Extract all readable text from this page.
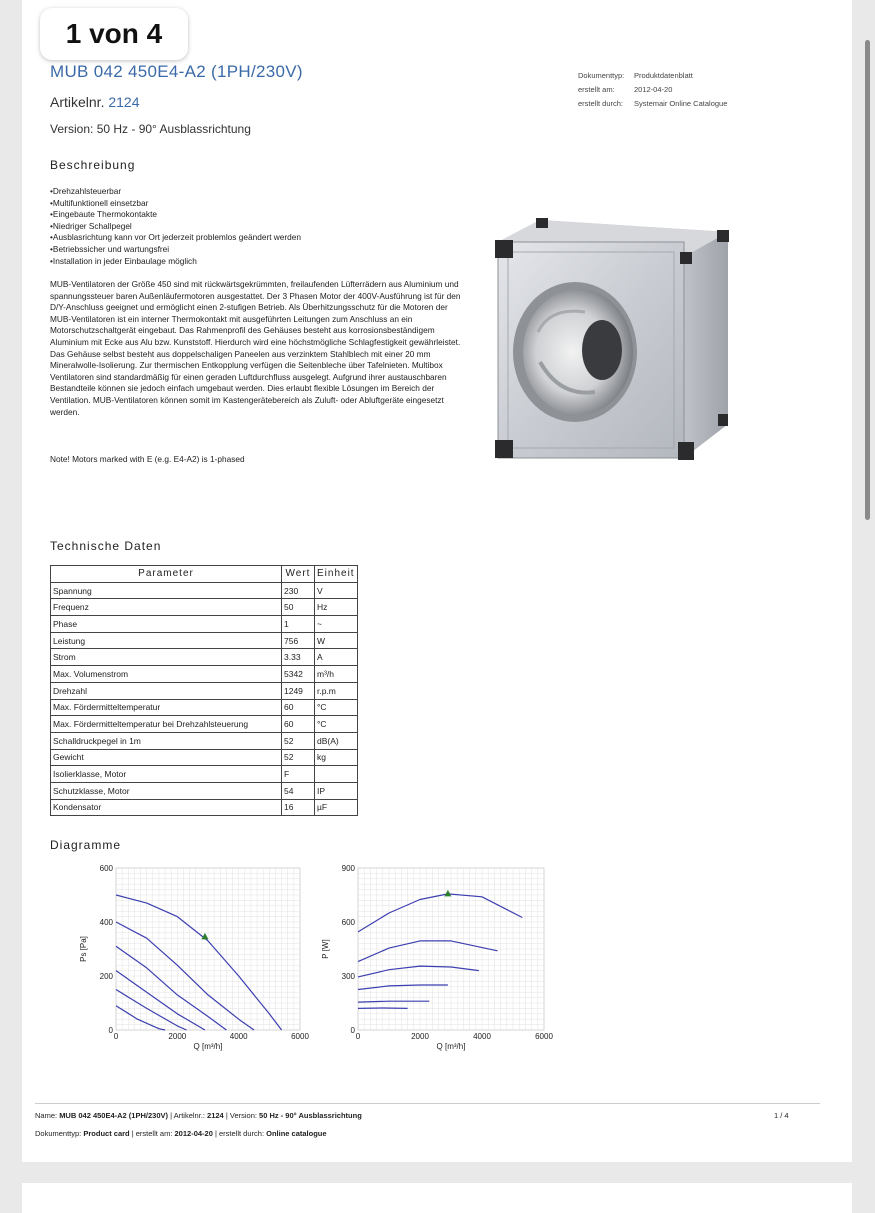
1 von 4
MUB 042 450E4-A2 (1PH/230V)
Artikelnr. 2124
Version: 50 Hz - 90° Ausblassrichtung
Dokumenttyp: Produktdatenblatt
erstellt am:	2012-04-20
erstellt durch: Systemair Online Catalogue
Beschreibung
• Drehzahlsteuerbar
• Multifunktionell einsetzbar
• Eingebaute Thermokontakte
• Niedriger Schallpegel
• Ausblasrichtung kann vor Ort jederzeit problemlos geändert werden
• Betriebssicher und wartungsfrei
• Installation in jeder Einbaulage möglich

MUB-Ventilatoren der Größe 450 sind mit rückwärtsgekrümmten, freilaufenden Lüfterrädern aus Aluminium und spannungssteuer baren Außenläufermotoren ausgestattet. Der 3 Phasen Motor der 400V-Ausführung ist für den D/Y-Anschluss geeignet und ermöglicht einen 2-stufigen Betrieb. Als Überhitzungsschutz für die Motoren der MUB-Ventilatoren ist ein interner Thermokontakt mit ausgeführten Leitungen zum Anschluss an ein Motorschutzschaltgerät eingebaut. Das Rahmenprofil des Gehäuses besteht aus korrosionsbeständigem Aluminium mit Ecke aus Alu bzw. Kunststoff. Hierdurch wird eine höchstmögliche Schlagfestigkeit gewährleistet. Das Gehäuse selbst besteht aus doppelschaligen Paneelen aus verzinktem Stahlblech mit einer 20 mm Mineralwolle-Isolierung. Zur thermischen Entkopplung verfügen die Seitenbleche über Tafelnieten. Multibox Ventilatoren sind standardmäßig für einen geraden Luftdurchfluss ausgelegt. Aufgrund ihrer austauschbaren Bestandteile können sie jedoch einfach umgebaut werden. Dies erlaubt flexible Lösungen im Bereich der Ventilation. MUB-Ventilatoren können somit im Kastengerätebereich als Zuluft- oder Abluftgeräte eingesetzt werden.

Note! Motors marked with E (e.g. E4-A2) is 1-phased
Technische Daten
Parameter	Wert	Einheit
Spannung	230	V
Frequenz	50	Hz
Phase	1	~
Leistung	756	W
Strom	3.33	A
Max. Volumenstrom	5342	m³/h
Drehzahl	1249	r.p.m
Max. Fördermitteltemperatur	60	°C
Max. Fördermitteltemperatur bei Drehzahlsteuerung	60	°C
Schalldruckpegel in 1m	52	dB(A)
Gewicht	52	kg
Isolierklasse, Motor	F	
Schutzklasse, Motor	54	IP
Kondensator	16	µF
Diagramme
0	2000	4000	6000
0
200
400
600
Q [m³/h]
Ps [Pa]
0	2000	4000	6000
0
300
600
900
Q [m³/h]
P [W]
Name: MUB 042 450E4-A2 (1PH/230V) | Artikelnr.: 2124 | Version: 50 Hz - 90° Ausblassrichtung
Dokumenttyp: Product card | erstellt am: 2012-04-20 | erstellt durch: Online catalogue
1 / 4
